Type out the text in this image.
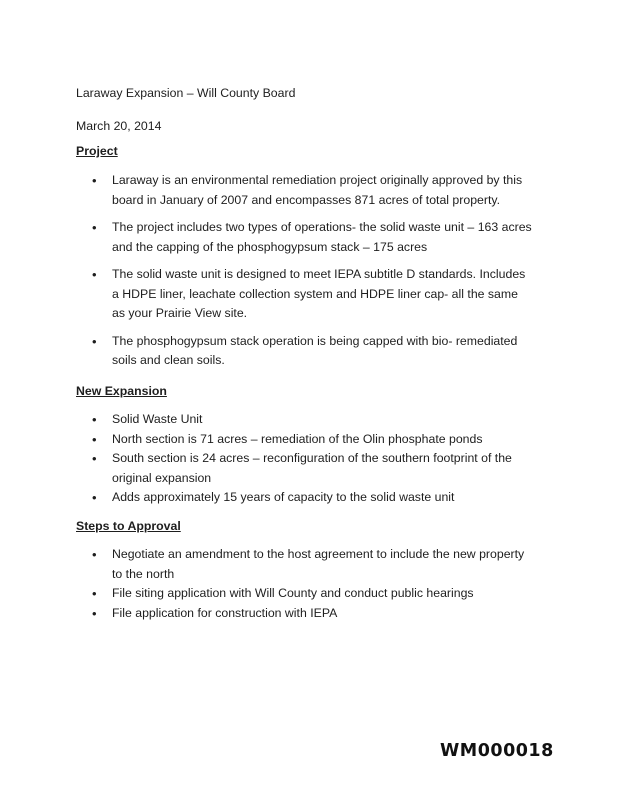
Laraway Expansion – Will County Board
March 20, 2014
Project
• Laraway is an environmental remediation project originally approved by this board in January of 2007 and encompasses 871 acres of total property.
• The project includes two types of operations- the solid waste unit – 163 acres and the capping of the phosphogypsum stack – 175 acres
• The solid waste unit is designed to meet IEPA subtitle D standards. Includes a HDPE liner, leachate collection system and HDPE liner cap- all the same as your Prairie View site.
• The phosphogypsum stack operation is being capped with bio- remediated soils and clean soils.
New Expansion
• Solid Waste Unit
• North section is 71 acres – remediation of the Olin phosphate ponds
• South section is 24 acres – reconfiguration of the southern footprint of the original expansion
• Adds approximately 15 years of capacity to the solid waste unit
Steps to Approval
• Negotiate an amendment to the host agreement to include the new property to the north
• File siting application with Will County and conduct public hearings
• File application for construction with IEPA
WM000018
